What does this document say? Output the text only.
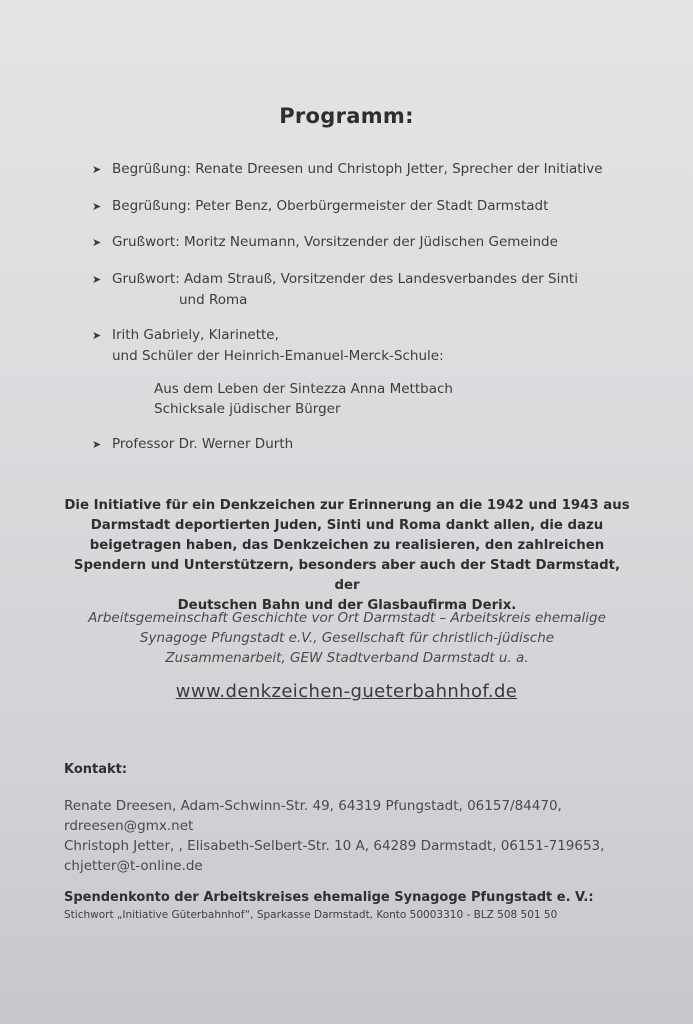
Programm:
➤ Begrüßung: Renate Dreesen und Christoph Jetter, Sprecher der Initiative
➤ Begrüßung: Peter Benz, Oberbürgermeister der Stadt Darmstadt
➤ Grußwort: Moritz Neumann, Vorsitzender der Jüdischen Gemeinde
➤ Grußwort: Adam Strauß, Vorsitzender des Landesverbandes der Sinti
und Roma
➤ Irith Gabriely, Klarinette,
und Schüler der Heinrich-Emanuel-Merck-Schule:
Aus dem Leben der Sintezza Anna Mettbach
Schicksale jüdischer Bürger
➤ Professor Dr. Werner Durth
Die Initiative für ein Denkzeichen zur Erinnerung an die 1942 und 1943 aus
Darmstadt deportierten Juden, Sinti und Roma dankt allen, die dazu
beigetragen haben, das Denkzeichen zu realisieren, den zahlreichen
Spendern und Unterstützern, besonders aber auch der Stadt Darmstadt, der
Deutschen Bahn und der Glasbaufirma Derix.
Arbeitsgemeinschaft Geschichte vor Ort Darmstadt – Arbeitskreis ehemalige
Synagoge Pfungstadt e.V., Gesellschaft für christlich-jüdische
Zusammenarbeit, GEW Stadtverband Darmstadt u. a.
www.denkzeichen-gueterbahnhof.de
Kontakt:
Renate Dreesen, Adam-Schwinn-Str. 49, 64319 Pfungstadt, 06157/84470,
rdreesen@gmx.net
Christoph Jetter, , Elisabeth-Selbert-Str. 10 A, 64289 Darmstadt, 06151-719653,
chjetter@t-online.de
Spendenkonto der Arbeitskreises ehemalige Synagoge Pfungstadt e. V.:
Stichwort „Initiative Güterbahnhof“, Sparkasse Darmstadt, Konto 50003310 - BLZ 508 501 50
